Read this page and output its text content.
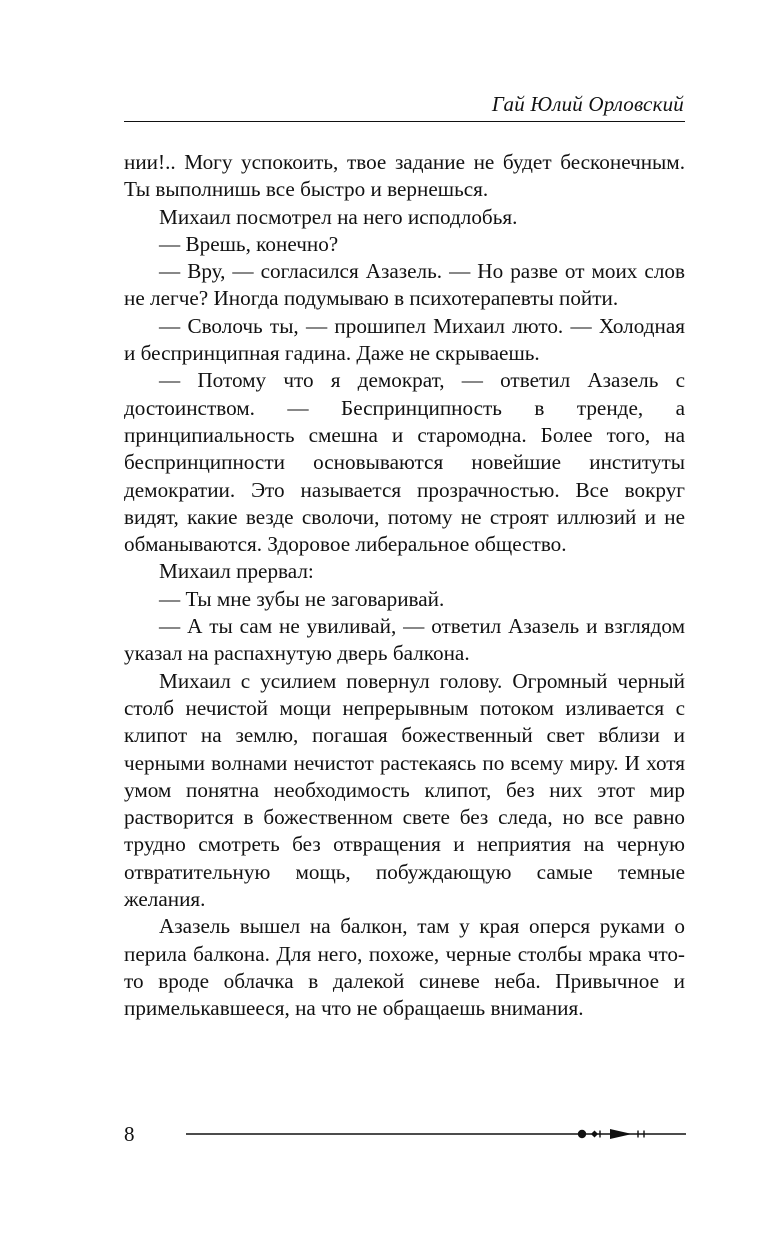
Гай Юлий Орловский

нии!.. Могу успокоить, твое задание не будет бесконечным. Ты выполнишь все быстро и вернешься.

Михаил посмотрел на него исподлобья.

— Врешь, конечно?

— Вру, — согласился Азазель. — Но разве от моих слов не легче? Иногда подумываю в психотерапевты пойти.

— Сволочь ты, — прошипел Михаил люто. — Холодная и беспринципная гадина. Даже не скрываешь.

— Потому что я демократ, — ответил Азазель с достоинством. — Беспринципность в тренде, а принципиальность смешна и старомодна. Более того, на беспринципности основываются новейшие институты демократии. Это называется прозрачностью. Все вокруг видят, какие везде сволочи, потому не строят иллюзий и не обманываются. Здоровое либеральное общество.

Михаил прервал:

— Ты мне зубы не заговаривай.

— А ты сам не увиливай, — ответил Азазель и взглядом указал на распахнутую дверь балкона.

Михаил с усилием повернул голову. Огромный черный столб нечистой мощи непрерывным потоком изливается с клипот на землю, погашая божественный свет вблизи и черными волнами нечистот растекаясь по всему миру. И хотя умом понятна необходимость клипот, без них этот мир растворится в божественном свете без следа, но все равно трудно смотреть без отвращения и неприятия на черную отвратительную мощь, побуждающую самые темные желания.

Азазель вышел на балкон, там у края оперся руками о перила балкона. Для него, похоже, черные столбы мрака что-то вроде облачка в далекой синеве неба. Привычное и примелькавшееся, на что не обращаешь внимания.

8
